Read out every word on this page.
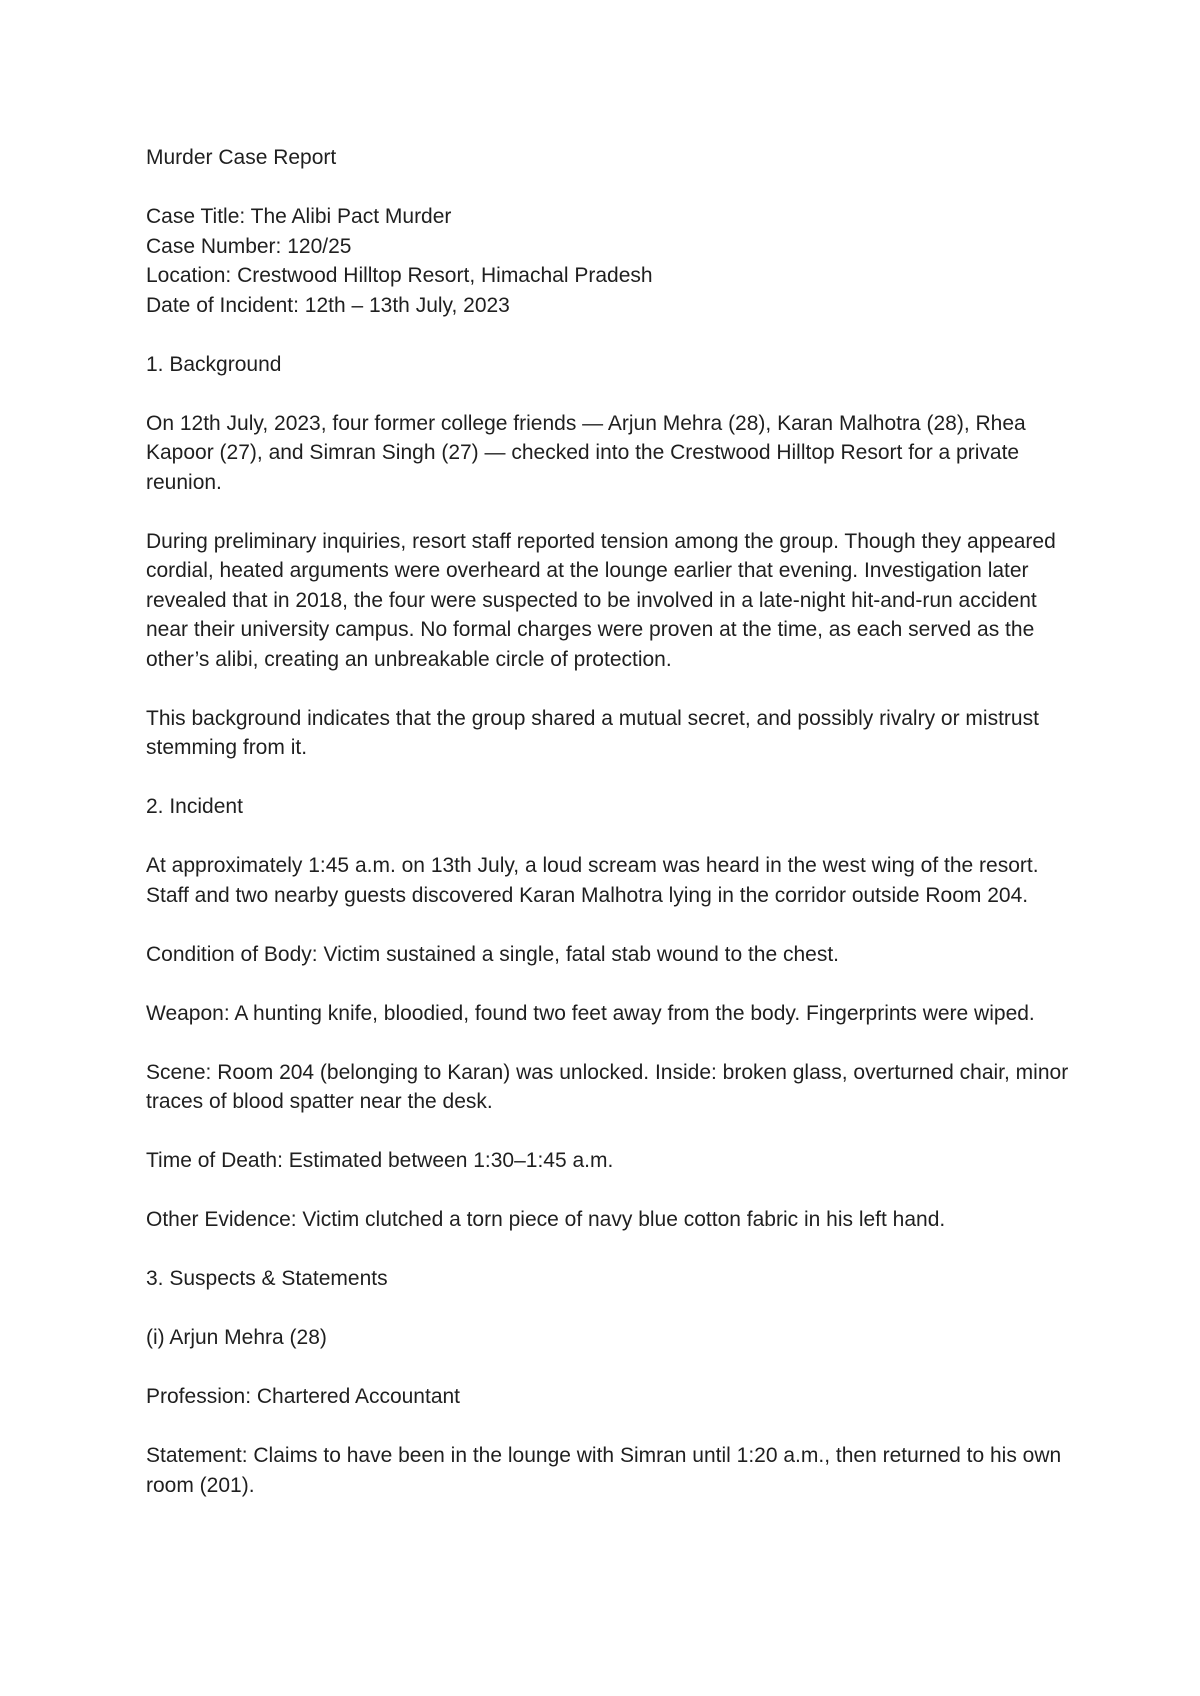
Murder Case Report

Case Title: The Alibi Pact Murder
Case Number: 120/25
Location: Crestwood Hilltop Resort, Himachal Pradesh
Date of Incident: 12th – 13th July, 2023

1. Background

On 12th July, 2023, four former college friends — Arjun Mehra (28), Karan Malhotra (28), Rhea Kapoor (27), and Simran Singh (27) — checked into the Crestwood Hilltop Resort for a private reunion.

During preliminary inquiries, resort staff reported tension among the group. Though they appeared cordial, heated arguments were overheard at the lounge earlier that evening. Investigation later revealed that in 2018, the four were suspected to be involved in a late-night hit-and-run accident near their university campus. No formal charges were proven at the time, as each served as the other’s alibi, creating an unbreakable circle of protection.

This background indicates that the group shared a mutual secret, and possibly rivalry or mistrust stemming from it.

2. Incident

At approximately 1:45 a.m. on 13th July, a loud scream was heard in the west wing of the resort. Staff and two nearby guests discovered Karan Malhotra lying in the corridor outside Room 204.

Condition of Body: Victim sustained a single, fatal stab wound to the chest.

Weapon: A hunting knife, bloodied, found two feet away from the body. Fingerprints were wiped.

Scene: Room 204 (belonging to Karan) was unlocked. Inside: broken glass, overturned chair, minor traces of blood spatter near the desk.

Time of Death: Estimated between 1:30–1:45 a.m.

Other Evidence: Victim clutched a torn piece of navy blue cotton fabric in his left hand.

3. Suspects & Statements

(i) Arjun Mehra (28)

Profession: Chartered Accountant

Statement: Claims to have been in the lounge with Simran until 1:20 a.m., then returned to his own room (201).
